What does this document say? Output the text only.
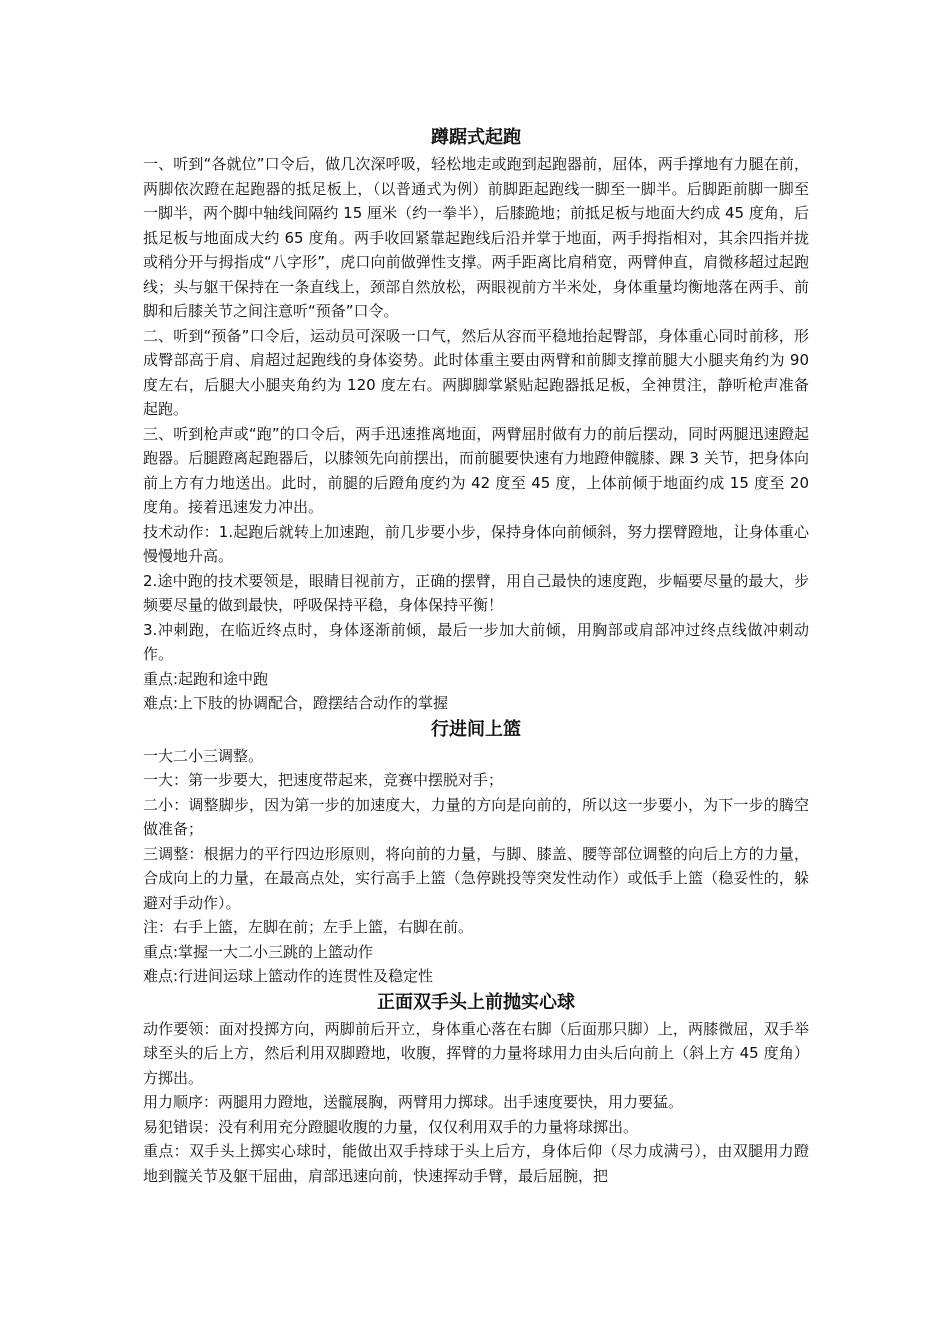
蹲踞式起跑

一、听到“各就位”口令后，做几次深呼吸，轻松地走或跑到起跑器前，屈体，两手撑地有力腿在前，两脚依次蹬在起跑器的抵足板上，（以普通式为例）前脚距起跑线一脚至一脚半。后脚距前脚一脚至一脚半，两个脚中轴线间隔约 15 厘米（约一拳半），后膝跪地；前抵足板与地面大约成 45 度角，后抵足板与地面成大约 65 度角。两手收回紧靠起跑线后沿并掌于地面，两手拇指相对，其余四指并拢或稍分开与拇指成“八字形”，虎口向前做弹性支撑。两手距离比肩稍宽，两臂伸直，肩微移超过起跑线；头与躯干保持在一条直线上，颈部自然放松，两眼视前方半米处，身体重量均衡地落在两手、前脚和后膝关节之间注意听“预备”口令。

二、听到“预备”口令后，运动员可深吸一口气，然后从容而平稳地抬起臀部，身体重心同时前移，形成臀部高于肩、肩超过起跑线的身体姿势。此时体重主要由两臂和前脚支撑前腿大小腿夹角约为 90 度左右，后腿大小腿夹角约为 120 度左右。两脚脚掌紧贴起跑器抵足板，全神贯注，静听枪声准备起跑。

三、听到枪声或“跑”的口令后，两手迅速推离地面，两臂屈肘做有力的前后摆动，同时两腿迅速蹬起跑器。后腿蹬离起跑器后，以膝领先向前摆出，而前腿要快速有力地蹬伸髋膝、踝 3 关节，把身体向前上方有力地送出。此时，前腿的后蹬角度约为 42 度至 45 度，上体前倾于地面约成 15 度至 20 度角。接着迅速发力冲出。

技术动作：1.起跑后就转上加速跑，前几步要小步，保持身体向前倾斜，努力摆臂蹬地，让身体重心慢慢地升高。

2.途中跑的技术要领是，眼睛目视前方，正确的摆臂，用自己最快的速度跑，步幅要尽量的最大，步频要尽量的做到最快，呼吸保持平稳，身体保持平衡！

3.冲刺跑，在临近终点时，身体逐渐前倾，最后一步加大前倾，用胸部或肩部冲过终点线做冲刺动作。

重点:起跑和途中跑

难点:上下肢的协调配合，蹬摆结合动作的掌握

行进间上篮

一大二小三调整。

一大：第一步要大，把速度带起来，竞赛中摆脱对手；

二小：调整脚步，因为第一步的加速度大，力量的方向是向前的，所以这一步要小，为下一步的腾空做准备；

三调整：根据力的平行四边形原则，将向前的力量，与脚、膝盖、腰等部位调整的向后上方的力量，合成向上的力量，在最高点处，实行高手上篮（急停跳投等突发性动作）或低手上篮（稳妥性的，躲避对手动作）。

注：右手上篮，左脚在前；左手上篮，右脚在前。

重点:掌握一大二小三跳的上篮动作

难点:行进间运球上篮动作的连贯性及稳定性

正面双手头上前抛实心球

动作要领：面对投掷方向，两脚前后开立，身体重心落在右脚（后面那只脚）上，两膝微屈，双手举球至头的后上方，然后利用双脚蹬地，收腹，挥臂的力量将球用力由头后向前上（斜上方 45 度角）方掷出。

用力顺序：两腿用力蹬地，送髋展胸，两臂用力掷球。出手速度要快，用力要猛。

易犯错误：没有利用充分蹬腿收腹的力量，仅仅利用双手的力量将球掷出。

重点：双手头上掷实心球时，能做出双手持球于头上后方，身体后仰（尽力成满弓），由双腿用力蹬地到髋关节及躯干屈曲，肩部迅速向前，快速挥动手臂，最后屈腕，把
